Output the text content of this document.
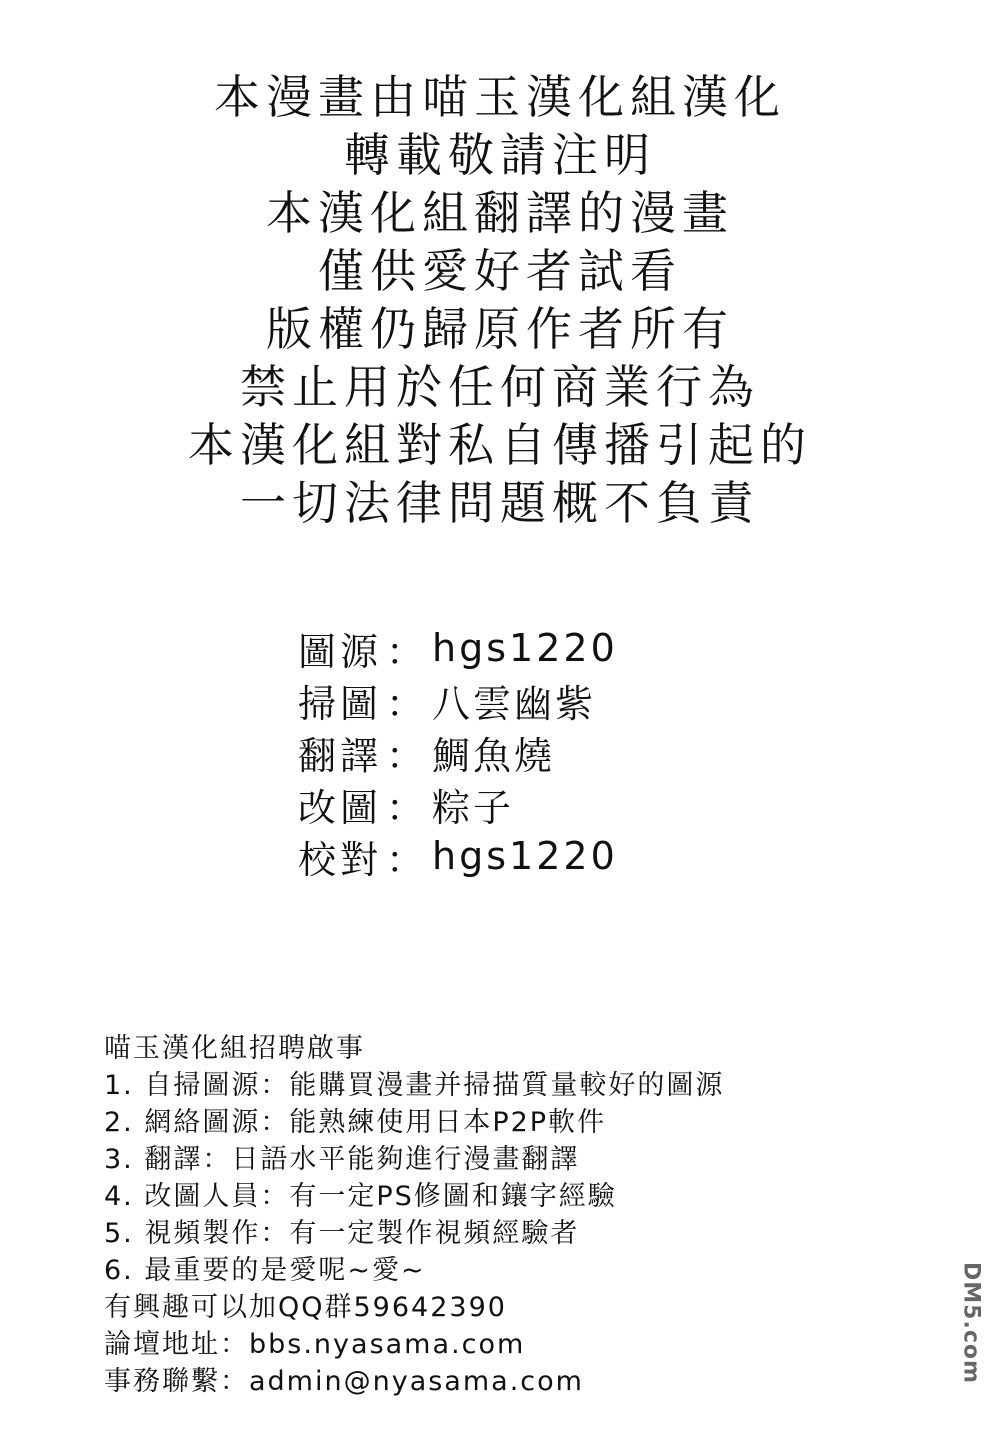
本漫畫由喵玉漢化組漢化
轉載敬請注明
本漢化組翻譯的漫畫
僅供愛好者試看
版權仍歸原作者所有
禁止用於任何商業行為
本漢化組對私自傳播引起的
一切法律問題概不負責
圖源 ： hgs1220
掃圖 ： 八雲幽紫
翻譯 ： 鯛魚燒
改圖 ： 粽子
校對 ： hgs1220
喵玉漢化組招聘啟事
1. 自掃圖源：能購買漫畫并掃描質量較好的圖源
2. 網絡圖源：能熟練使用日本P2P軟件
3. 翻譯：日語水平能夠進行漫畫翻譯
4. 改圖人員：有一定PS修圖和鑲字經驗
5. 視頻製作：有一定製作視頻經驗者
6. 最重要的是愛呢~愛~
有興趣可以加QQ群59642390
論壇地址：bbs.nyasama.com
事務聯繫：admin@nyasama.com	DM5.com
